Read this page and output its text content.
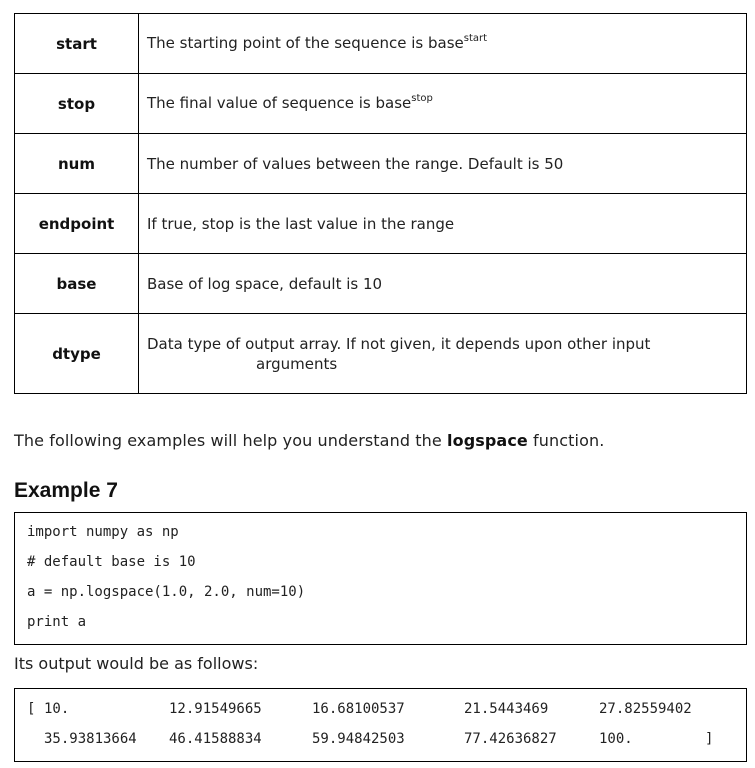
start	The starting point of the sequence is base$^{start}$

stop	The final value of sequence is base$^{stop}$

num	The number of values between the range. Default is 50
endpoint	If true, stop is the last value in the range
base	Base of log space, default is 10
dtype	Data type of output array. If not given, it depends upon other input
arguments
The following examples will help you understand the logspace function.
Example 7
import numpy as np
# default base is 10
a = np.logspace(1.0, 2.0, num=10)
print a
Its output would be as follows:
[ 10.	12.91549665	16.68100537	21.5443469	27.82559402
35.93813664 46.41588834	59.94842503	77.42636827	100.	]
